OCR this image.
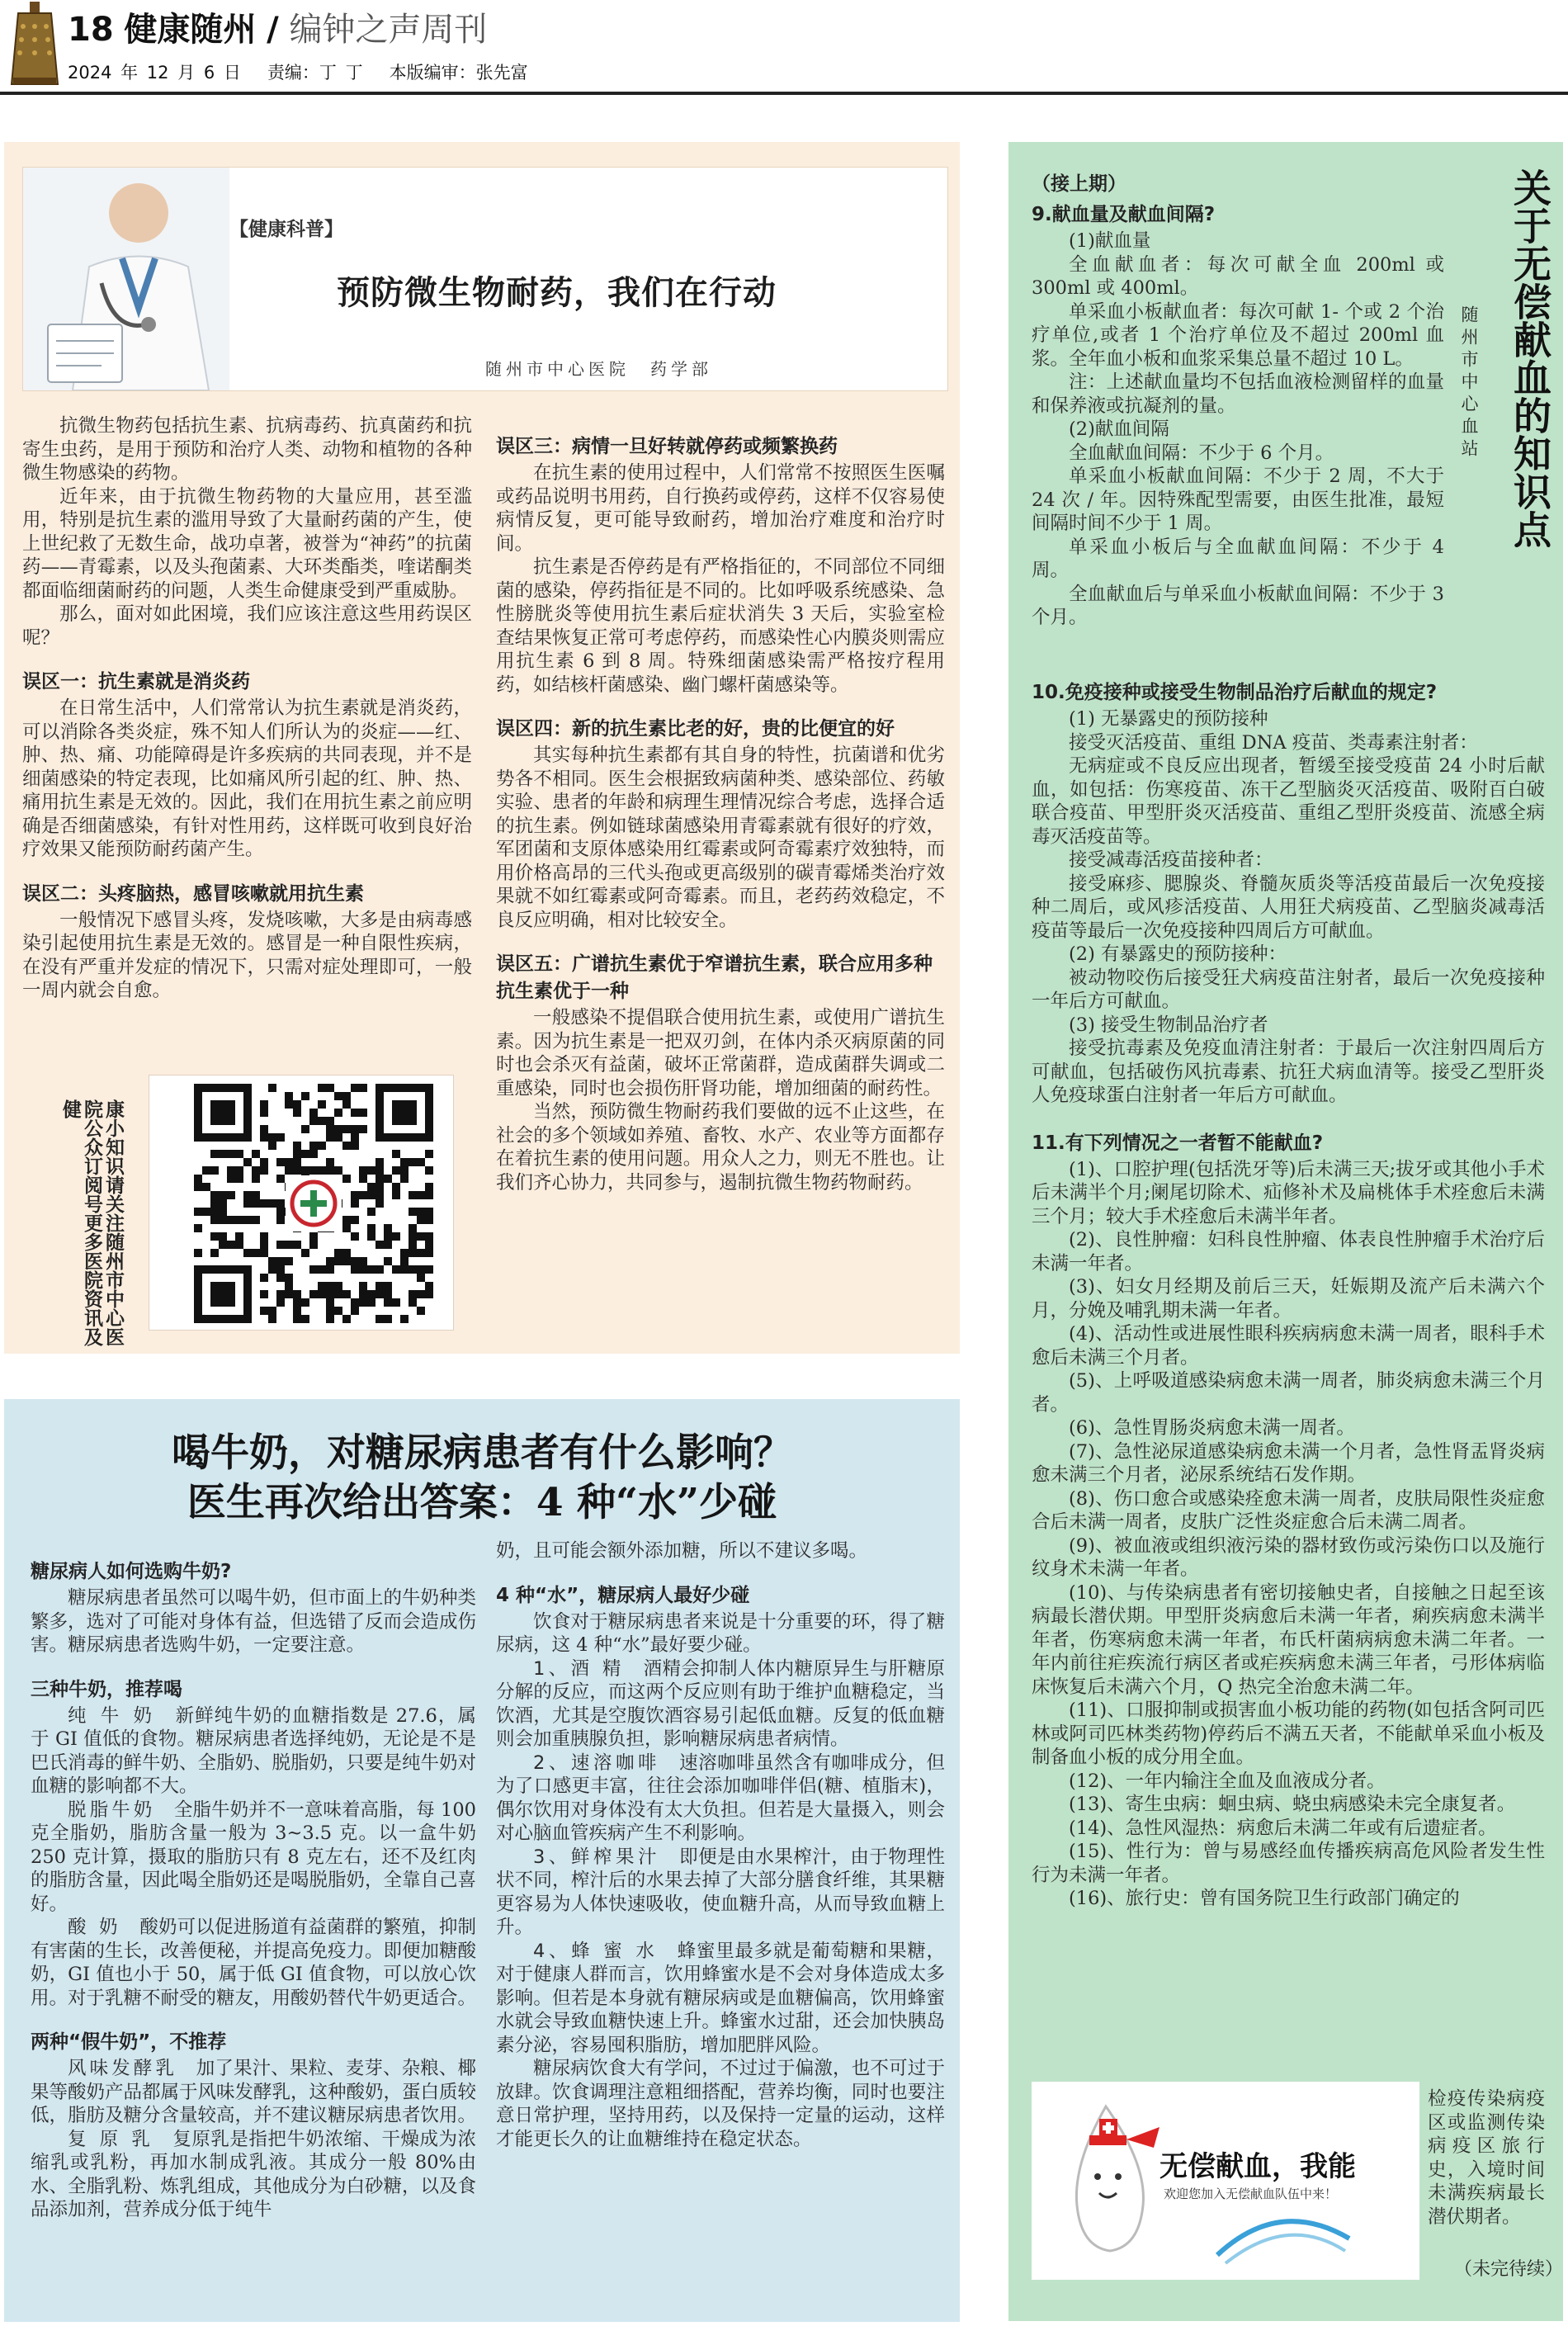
18 健康随州 / 编钟之声周刊
2024 年 12 月 6 日 责编：丁 丁 本版编审：张先富
【健康科普】
预防微生物耐药，我们在行动
随州市中心医院　药学部

抗微生物药包括抗生素、抗病毒药、抗真菌药和抗寄生虫药，是用于预防和治疗人类、动物和植物的各种微生物感染的药物。

近年来，由于抗微生物药物的大量应用，甚至滥用，特别是抗生素的滥用导致了大量耐药菌的产生，使上世纪救了无数生命，战功卓著，被誉为“神药”的抗菌药——青霉素，以及头孢菌素、大环类酯类，喹诺酮类都面临细菌耐药的问题，人类生命健康受到严重威胁。

那么，面对如此困境，我们应该注意这些用药误区呢？

误区一：抗生素就是消炎药

在日常生活中，人们常常认为抗生素就是消炎药，可以消除各类炎症，殊不知人们所认为的炎症——红、肿、热、痛、功能障碍是许多疾病的共同表现，并不是细菌感染的特定表现，比如痛风所引起的红、肿、热、痛用抗生素是无效的。因此，我们在用抗生素之前应明确是否细菌感染，有针对性用药，这样既可收到良好治疗效果又能预防耐药菌产生。

误区二：头疼脑热，感冒咳嗽就用抗生素

一般情况下感冒头疼，发烧咳嗽，大多是由病毒感染引起使用抗生素是无效的。感冒是一种自限性疾病，在没有严重并发症的情况下，只需对症处理即可，一般一周内就会自愈。

误区三：病情一旦好转就停药或频繁换药

在抗生素的使用过程中，人们常常不按照医生医嘱或药品说明书用药，自行换药或停药，这样不仅容易使病情反复，更可能导致耐药，增加治疗难度和治疗时间。

抗生素是否停药是有严格指征的，不同部位不同细菌的感染，停药指征是不同的。比如呼吸系统感染、急性膀胱炎等使用抗生素后症状消失 3 天后，实验室检查结果恢复正常可考虑停药，而感染性心内膜炎则需应用抗生素 6 到 8 周。特殊细菌感染需严格按疗程用药，如结核杆菌感染、幽门螺杆菌感染等。

误区四：新的抗生素比老的好，贵的比便宜的好

其实每种抗生素都有其自身的特性，抗菌谱和优劣势各不相同。医生会根据致病菌种类、感染部位、药敏实验、患者的年龄和病理生理情况综合考虑，选择合适的抗生素。例如链球菌感染用青霉素就有很好的疗效，军团菌和支原体感染用红霉素或阿奇霉素疗效独特，而用价格高昂的三代头孢或更高级别的碳青霉烯类治疗效果就不如红霉素或阿奇霉素。而且，老药药效稳定，不良反应明确，相对比较安全。

误区五：广谱抗生素优于窄谱抗生素，联合应用多种抗生素优于一种

一般感染不提倡联合使用抗生素，或使用广谱抗生素。因为抗生素是一把双刃剑，在体内杀灭病原菌的同时也会杀灭有益菌，破坏正常菌群，造成菌群失调或二重感染，同时也会损伤肝肾功能，增加细菌的耐药性。

当然，预防微生物耐药我们要做的远不止这些，在社会的多个领域如养殖、畜牧、水产、农业等方面都存在着抗生素的使用问题。用众人之力，则无不胜也。让我们齐心协力，共同参与，遏制抗微生物药物耐药。

康小知识请关注随州市中心医院公众订阅号更多医院资讯及健
关于无偿献血的知识点
随州市中心血站
（接上期）
9.献血量及献血间隔?

(1)献血量

全血献血者：每次可献全血 200ml 或 300ml 或 400ml。

单采血小板献血者：每次可献 1- 个或 2 个治疗单位,或者 1 个治疗单位及不超过 200ml 血浆。全年血小板和血浆采集总量不超过 10 L。

注：上述献血量均不包括血液检测留样的血量和保养液或抗凝剂的量。

(2)献血间隔

全血献血间隔：不少于 6 个月。

单采血小板献血间隔：不少于 2 周，不大于 24 次 / 年。因特殊配型需要，由医生批准，最短间隔时间不少于 1 周。

单采血小板后与全血献血间隔：不少于 4 周。

全血献血后与单采血小板献血间隔：不少于 3 个月。

10.免疫接种或接受生物制品治疗后献血的规定?

(1) 无暴露史的预防接种

接受灭活疫苗、重组 DNA 疫苗、类毒素注射者：

无病症或不良反应出现者，暂缓至接受疫苗 24 小时后献血，如包括：伤寒疫苗、冻干乙型脑炎灭活疫苗、吸附百白破联合疫苗、甲型肝炎灭活疫苗、重组乙型肝炎疫苗、流感全病毒灭活疫苗等。

接受减毒活疫苗接种者：

接受麻疹、腮腺炎、脊髓灰质炎等活疫苗最后一次免疫接种二周后，或风疹活疫苗、人用狂犬病疫苗、乙型脑炎减毒活疫苗等最后一次免疫接种四周后方可献血。

(2) 有暴露史的预防接种：

被动物咬伤后接受狂犬病疫苗注射者，最后一次免疫接种一年后方可献血。

(3) 接受生物制品治疗者

接受抗毒素及免疫血清注射者：于最后一次注射四周后方可献血，包括破伤风抗毒素、抗狂犬病血清等。接受乙型肝炎人免疫球蛋白注射者一年后方可献血。

11.有下列情况之一者暂不能献血?

(1)、口腔护理(包括洗牙等)后未满三天;拔牙或其他小手术后未满半个月;阑尾切除术、疝修补术及扁桃体手术痊愈后未满三个月；较大手术痊愈后未满半年者。

(2)、良性肿瘤：妇科良性肿瘤、体表良性肿瘤手术治疗后未满一年者。

(3)、妇女月经期及前后三天，妊娠期及流产后未满六个月，分娩及哺乳期未满一年者。

(4)、活动性或进展性眼科疾病病愈未满一周者，眼科手术愈后未满三个月者。

(5)、上呼吸道感染病愈未满一周者，肺炎病愈未满三个月者。

(6)、急性胃肠炎病愈未满一周者。

(7)、急性泌尿道感染病愈未满一个月者，急性肾盂肾炎病愈未满三个月者，泌尿系统结石发作期。

(8)、伤口愈合或感染痊愈未满一周者，皮肤局限性炎症愈合后未满一周者，皮肤广泛性炎症愈合后未满二周者。

(9)、被血液或组织液污染的器材致伤或污染伤口以及施行纹身术未满一年者。

(10)、与传染病患者有密切接触史者，自接触之日起至该病最长潜伏期。甲型肝炎病愈后未满一年者，痢疾病愈未满半年者，伤寒病愈未满一年者，布氏杆菌病病愈未满二年者。一年内前往疟疾流行病区者或疟疾病愈未满三年者，弓形体病临床恢复后未满六个月，Q 热完全治愈未满二年。

(11)、口服抑制或损害血小板功能的药物(如包括含阿司匹林或阿司匹林类药物)停药后不满五天者，不能献单采血小板及制备血小板的成分用全血。

(12)、一年内输注全血及血液成分者。

(13)、寄生虫病：蛔虫病、蛲虫病感染未完全康复者。

(14)、急性风湿热：病愈后未满二年或有后遗症者。

(15)、性行为：曾与易感经血传播疾病高危风险者发生性行为未满一年者。

(16)、旅行史：曾有国务院卫生行政部门确定的

检疫传染病疫区或监测传染病疫区旅行史，入境时间未满疾病最长潜伏期者。

（未完待续）
无偿献血，我能
欢迎您加入无偿献血队伍中来！
喝牛奶，对糖尿病患者有什么影响？
医生再次给出答案：4 种“水”少碰
糖尿病人如何选购牛奶?

糖尿病患者虽然可以喝牛奶，但市面上的牛奶种类繁多，选对了可能对身体有益，但选错了反而会造成伤害。糖尿病患者选购牛奶，一定要注意。

三种牛奶，推荐喝

纯 牛 奶　 新鲜纯牛奶的血糖指数是 27.6，属于 GI 值低的食物。糖尿病患者选择纯奶，无论是不是巴氏消毒的鲜牛奶、全脂奶、脱脂奶，只要是纯牛奶对血糖的影响都不大。

脱脂牛奶　 全脂牛奶并不一意味着高脂，每 100 克全脂奶，脂肪含量一般为 3~3.5 克。以一盒牛奶 250 克计算，摄取的脂肪只有 8 克左右，还不及红肉的脂肪含量，因此喝全脂奶还是喝脱脂奶，全靠自己喜好。

酸 奶　 酸奶可以促进肠道有益菌群的繁殖，抑制有害菌的生长，改善便秘，并提高免疫力。即便加糖酸奶，GI 值也小于 50，属于低 GI 值食物，可以放心饮用。对于乳糖不耐受的糖友，用酸奶替代牛奶更适合。

两种“假牛奶”，不推荐

风味发酵乳　 加了果汁、果粒、麦芽、杂粮、椰果等酸奶产品都属于风味发酵乳，这种酸奶，蛋白质较低，脂肪及糖分含量较高，并不建议糖尿病患者饮用。

复 原 乳　 复原乳是指把牛奶浓缩、干燥成为浓缩乳或乳粉，再加水制成乳液。其成分一般 80%由水、全脂乳粉、炼乳组成，其他成分为白砂糖，以及食品添加剂，营养成分低于纯牛

奶，且可能会额外添加糖，所以不建议多喝。

4 种“水”，糖尿病人最好少碰

饮食对于糖尿病患者来说是十分重要的环，得了糖尿病，这 4 种“水”最好要少碰。

1、酒 精　 酒精会抑制人体内糖原异生与肝糖原分解的反应，而这两个反应则有助于维护血糖稳定，当饮酒，尤其是空腹饮酒容易引起低血糖。反复的低血糖则会加重胰腺负担，影响糖尿病患者病情。

2、速溶咖啡　 速溶咖啡虽然含有咖啡成分，但为了口感更丰富，往往会添加咖啡伴侣(糖、植脂末)，偶尔饮用对身体没有太大负担。但若是大量摄入，则会对心脑血管疾病产生不利影响。

3、鲜榨果汁　 即便是由水果榨汁，由于物理性状不同，榨汁后的水果去掉了大部分膳食纤维，其果糖更容易为人体快速吸收，使血糖升高，从而导致血糖上升。

4、蜂 蜜 水　 蜂蜜里最多就是葡萄糖和果糖，对于健康人群而言，饮用蜂蜜水是不会对身体造成太多影响。但若是本身就有糖尿病或是血糖偏高，饮用蜂蜜水就会导致血糖快速上升。蜂蜜水过甜，还会加快胰岛素分泌，容易囤积脂肪，增加肥胖风险。

糖尿病饮食大有学问，不过过于偏激，也不可过于放肆。饮食调理注意粗细搭配，营养均衡，同时也要注意日常护理，坚持用药，以及保持一定量的运动，这样才能更长久的让血糖维持在稳定状态。
